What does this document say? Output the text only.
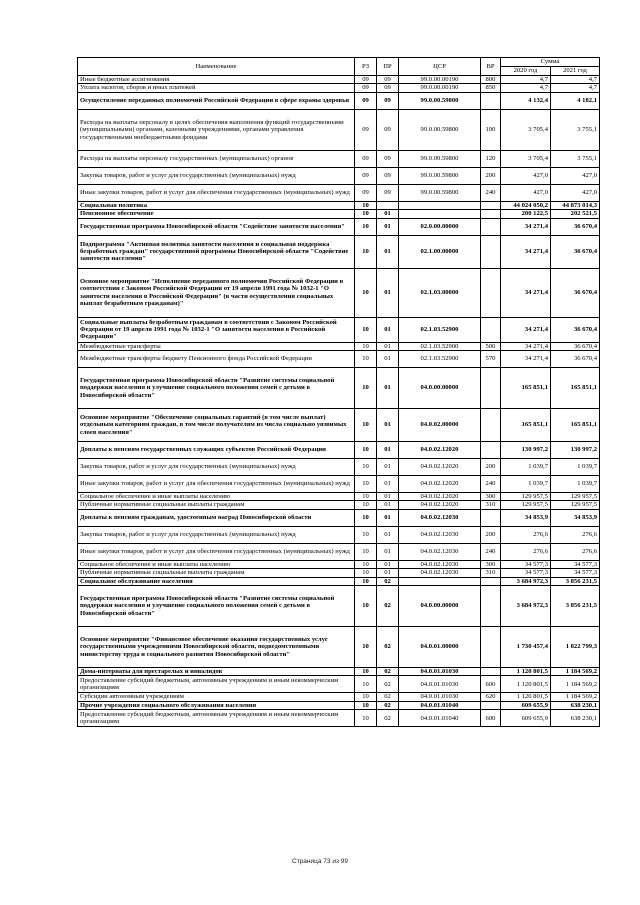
Наименование	РЗ	ПР	ЦСР	ВР	Сумма	
					2020 год	2021 год
Иные бюджетные ассигнования	09	09	99.0.00.00190	800	4,7	4,7
Уплата налогов, сборов и иных платежей	09	09	99.0.00.00190	850	4,7	4,7
Осуществление переданных полномочий Российской Федерации в сфере охраны здоровья	09	09	99.0.00.59800		4 132,4	4 182,1
Расходы на выплаты персоналу в целях обеспечения выполнения функций государственными (муниципальными) органами, казенными учреждениями, органами управления государственными внебюджетными фондами	09	09	99.0.00.59800	100	3 705,4	3 755,1
Расходы на выплаты персоналу государственных (муниципальных) органов	09	09	99.0.00.59800	120	3 705,4	3 755,1
Закупка товаров, работ и услуг для государственных (муниципальных) нужд	09	09	99.0.00.59800	200	427,0	427,0
Иные закупки товаров, работ и услуг для обеспечения государственных (муниципальных) нужд	09	09	99.0.00.59800	240	427,0	427,0
Социальная политика	10				44 024 050,2	44 873 014,3
Пенсионное обеспечение	10	01			200 122,5	202 521,5
Государственная программа Новосибирской области "Содействие занятости населения"	10	01	02.0.00.00000		34 271,4	36 670,4
Подпрограмма "Активная политика занятости населения и социальная поддержка безработных граждан" государственной программы Новосибирской области "Содействие занятости населения"	10	01	02.1.00.00000		34 271,4	36 670,4
Основное мероприятие "Исполнение переданного полномочия Российской Федерации в соответствии с Законом Российской Федерации от 19 апреля 1991 года № 1032-1 "О занятости населения в Российской Федерации" (в части осуществления социальных выплат безработным гражданам)"	10	01	02.1.03.00000		34 271,4	36 670,4
Социальные выплаты безработным гражданам в соответствии с Законом Российской Федерации от 19 апреля 1991 года № 1032-1 "О занятости населения в Российской Федерации"	10	01	02.1.03.52900		34 271,4	36 670,4
Межбюджетные трансферты	10	01	02.1.03.52900	500	34 271,4	36 670,4
Межбюджетные трансферты бюджету Пенсионного фонда Российской Федерации	10	01	02.1.03.52900	570	34 271,4	36 670,4
Государственная программа Новосибирской области "Развитие системы социальной поддержки населения и улучшение социального положения семей с детьми в Новосибирской области"	10	01	04.0.00.00000		165 851,1	165 851,1
Основное мероприятие "Обеспечение социальных гарантий (в том числе выплат) отдельным категориям граждан, в том числе получателям из числа социально уязвимых слоев населения"	10	01	04.0.02.00000		165 851,1	165 851,1
Доплаты к пенсиям государственных служащих субъектов Российской Федерации	10	01	04.0.02.12020		130 997,2	130 997,2
Закупка товаров, работ и услуг для государственных (муниципальных) нужд	10	01	04.0.02.12020	200	1 039,7	1 039,7
Иные закупки товаров, работ и услуг для обеспечения государственных (муниципальных) нужд	10	01	04.0.02.12020	240	1 039,7	1 039,7
Социальное обеспечение и иные выплаты населению	10	01	04.0.02.12020	300	129 957,5	129 957,5
Публичные нормативные социальные выплаты гражданам	10	01	04.0.02.12020	310	129 957,5	129 957,5
Доплаты к пенсиям гражданам, удостоенным наград Новосибирской области	10	01	04.0.02.12030		34 853,9	34 853,9
Закупка товаров, работ и услуг для государственных (муниципальных) нужд	10	01	04.0.02.12030	200	276,6	276,6
Иные закупки товаров, работ и услуг для обеспечения государственных (муниципальных) нужд	10	01	04.0.02.12030	240	276,6	276,6
Социальное обеспечение и иные выплаты населению	10	01	04.0.02.12030	300	34 577,3	34 577,3
Публичные нормативные социальные выплаты гражданам	10	01	04.0.02.12030	310	34 577,3	34 577,3
Социальное обслуживание населения	10	02			3 684 972,3	3 856 231,5
Государственная программа Новосибирской области "Развитие системы социальной поддержки населения и улучшение социального положения семей с детьми в Новосибирской области"	10	02	04.0.00.00000		3 684 972,3	3 856 231,5
Основное мероприятие "Финансовое обеспечение оказания государственных услуг государственными учреждениями Новосибирской области, подведомственными министерству труда и социального развития Новосибирской области"	10	02	04.0.01.00000		1 730 457,4	1 822 799,3
Дома-интернаты для престарелых и инвалидов	10	02	04.0.01.01030		1 120 801,5	1 184 569,2
Предоставление субсидий бюджетным, автономным учреждениям и иным некоммерческим организациям	10	02	04.0.01.01030	600	1 120 801,5	1 184 569,2
Субсидии автономным учреждениям	10	02	04.0.01.01030	620	1 120 801,5	1 184 569,2
Прочие учреждения социального обслуживания населения	10	02	04.0.01.01040		609 655,9	638 230,1
Предоставление субсидий бюджетным, автономным учреждениям и иным некоммерческим организациям	10	02	04.0.01.01040	600	609 655,9	638 230,1
Страница 73 из 99
